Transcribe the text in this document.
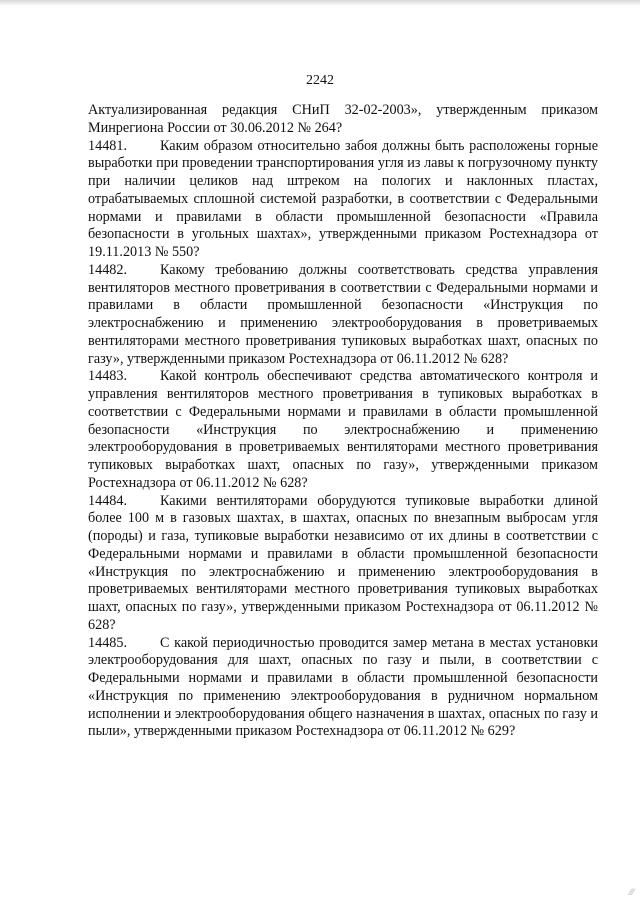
2242

Актуализированная редакция СНиП 32-02-2003», утвержденным приказом Минрегиона России от 30.06.2012 № 264?

14481. Каким образом относительно забоя должны быть расположены горные выработки при проведении транспортирования угля из лавы к погрузочному пункту при наличии целиков над штреком на пологих и наклонных пластах, отрабатываемых сплошной системой разработки, в соответствии с Федеральными нормами и правилами в области промышленной безопасности «Правила безопасности в угольных шахтах», утвержденными приказом Ростехнадзора от 19.11.2013 № 550?

14482. Какому требованию должны соответствовать средства управления вентиляторов местного проветривания в соответствии с Федеральными нормами и правилами в области промышленной безопасности «Инструкция по электроснабжению и применению электрооборудования в проветриваемых вентиляторами местного проветривания тупиковых выработках шахт, опасных по газу», утвержденными приказом Ростехнадзора от 06.11.2012 № 628?

14483. Какой контроль обеспечивают средства автоматического контроля и управления вентиляторов местного проветривания в тупиковых выработках в соответствии с Федеральными нормами и правилами в области промышленной безопасности «Инструкция по электроснабжению и применению электрооборудования в проветриваемых вентиляторами местного проветривания тупиковых выработках шахт, опасных по газу», утвержденными приказом Ростехнадзора от 06.11.2012 № 628?

14484. Какими вентиляторами оборудуются тупиковые выработки длиной более 100 м в газовых шахтах, в шахтах, опасных по внезапным выбросам угля (породы) и газа, тупиковые выработки независимо от их длины в соответствии с Федеральными нормами и правилами в области промышленной безопасности «Инструкция по электроснабжению и применению электрооборудования в проветриваемых вентиляторами местного проветривания тупиковых выработках шахт, опасных по газу», утвержденными приказом Ростехнадзора от 06.11.2012 № 628?

14485. С какой периодичностью проводится замер метана в местах установки электрооборудования для шахт, опасных по газу и пыли, в соответствии с Федеральными нормами и правилами в области промышленной безопасности «Инструкция по применению электрооборудования в рудничном нормальном исполнении и электрооборудования общего назначения в шахтах, опасных по газу и пыли», утвержденными приказом Ростехнадзора от 06.11.2012 № 629?

⁄⁄⁄
